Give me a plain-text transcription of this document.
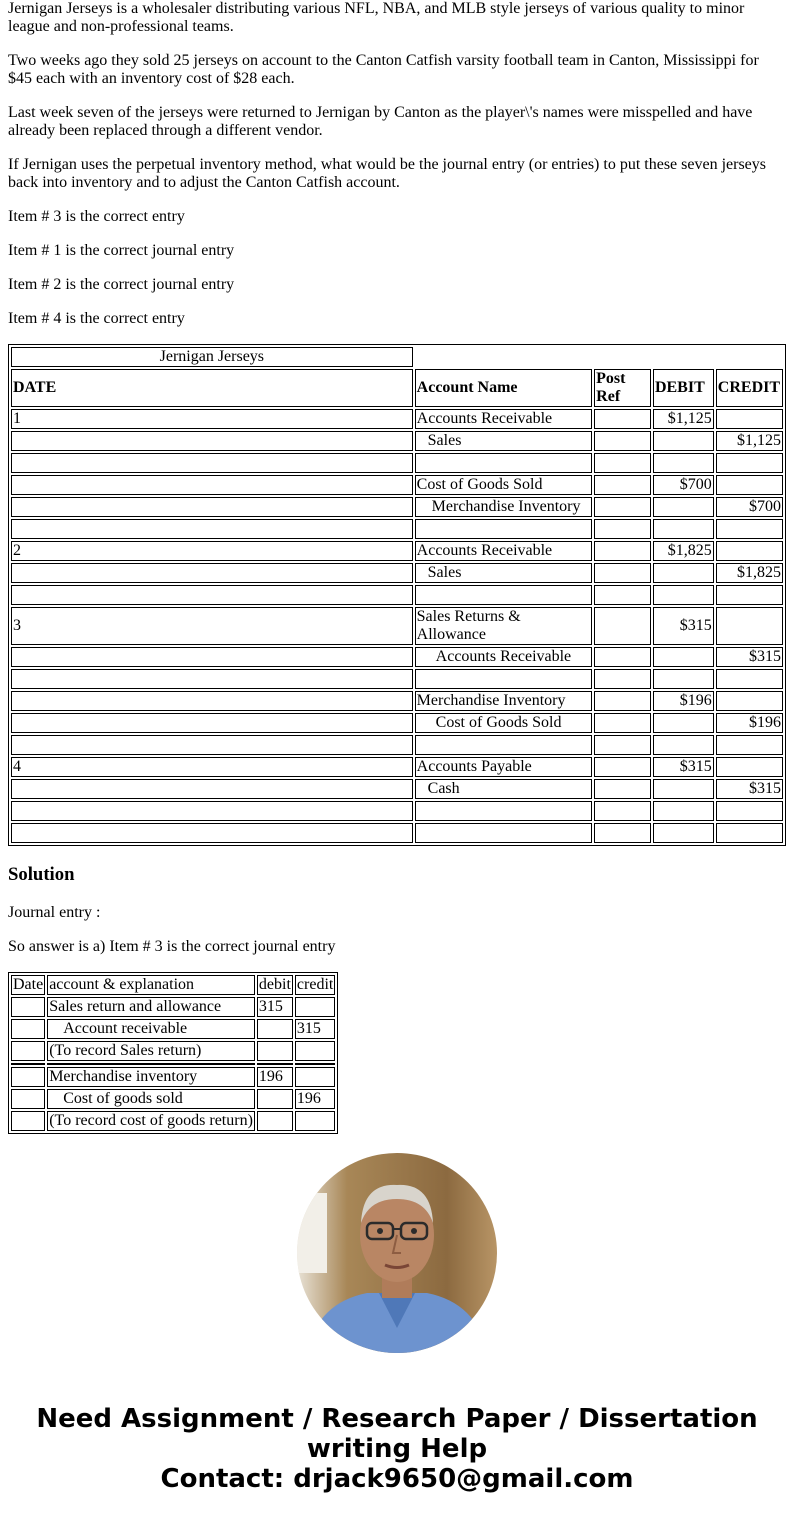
Jernigan Jerseys is a wholesaler distributing various NFL, NBA, and MLB style jerseys of various quality to minor league and non-professional teams.

Two weeks ago they sold 25 jerseys on account to the Canton Catfish varsity football team in Canton, Mississippi for $45 each with an inventory cost of $28 each.

Last week seven of the jerseys were returned to Jernigan by Canton as the player\'s names were misspelled and have already been replaced through a different vendor.

If Jernigan uses the perpetual inventory method, what would be the journal entry (or entries) to put these seven jerseys back into inventory and to adjust the Canton Catfish account.

Item # 3 is the correct entry

Item # 1 is the correct journal entry

Item # 2 is the correct journal entry

Item # 4 is the correct entry

Jernigan Jerseys				
DATE	Account Name	Post Ref	DEBIT	CREDIT
1	Accounts Receivable		$1,125	
	Sales			$1,125

	Cost of Goods Sold		$700	
	Merchandise Inventory			$700

2	Accounts Receivable		$1,825	
	Sales			$1,825

3	Sales Returns & Allowance		$315	
	Accounts Receivable			$315

	Merchandise Inventory		$196	
	Cost of Goods Sold			$196

4	Accounts Payable		$315	
	Cash			$315

Solution

Journal entry :

So answer is a) Item # 3 is the correct journal entry

Date	account & explanation	debit	credit
	Sales return and allowance	315	
	Account receivable		315
	(To record Sales return)		

	Merchandise inventory	196	
	Cost of goods sold		196
	(To record cost of goods return)		
Need Assignment / Research Paper / Dissertation
writing Help
Contact: drjack9650@gmail.com
